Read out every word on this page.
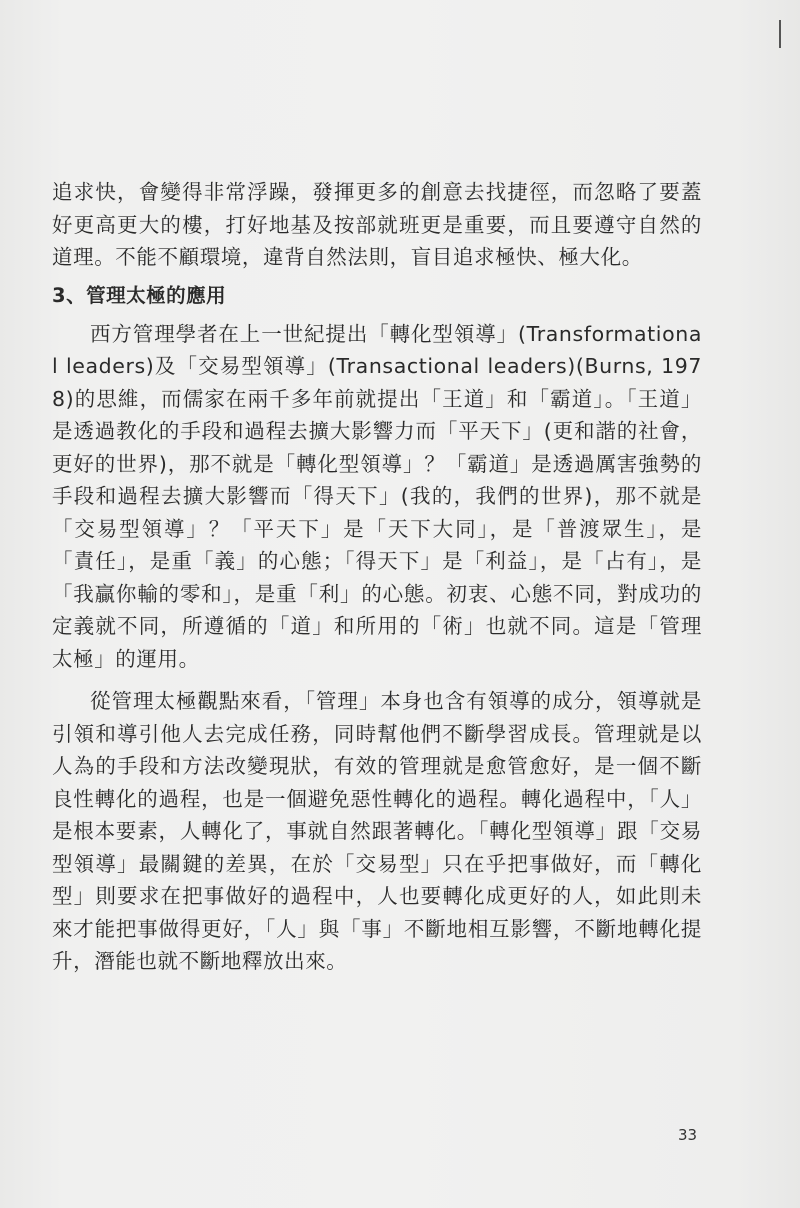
追求快，會變得非常浮躁，發揮更多的創意去找捷徑，而忽略了要蓋好更高更大的樓，打好地基及按部就班更是重要，而且要遵守自然的道理。不能不顧環境，違背自然法則，盲目追求極快、極大化。

3、管理太極的應用

西方管理學者在上一世紀提出「轉化型領導」(Transformational leaders)及「交易型領導」(Transactional leaders)(Burns, 1978)的思維，而儒家在兩千多年前就提出「王道」和「霸道」。「王道」是透過教化的手段和過程去擴大影響力而「平天下」(更和諧的社會，更好的世界)，那不就是「轉化型領導」？「霸道」是透過厲害強勢的手段和過程去擴大影響而「得天下」(我的，我們的世界)，那不就是「交易型領導」？「平天下」是「天下大同」，是「普渡眾生」，是「責任」，是重「義」的心態；「得天下」是「利益」，是「占有」，是「我贏你輸的零和」，是重「利」的心態。初衷、心態不同，對成功的定義就不同，所遵循的「道」和所用的「術」也就不同。這是「管理太極」的運用。

從管理太極觀點來看，「管理」本身也含有領導的成分，領導就是引領和導引他人去完成任務，同時幫他們不斷學習成長。管理就是以人為的手段和方法改變現狀，有效的管理就是愈管愈好，是一個不斷良性轉化的過程，也是一個避免惡性轉化的過程。轉化過程中，「人」是根本要素，人轉化了，事就自然跟著轉化。「轉化型領導」跟「交易型領導」最關鍵的差異，在於「交易型」只在乎把事做好，而「轉化型」則要求在把事做好的過程中，人也要轉化成更好的人，如此則未來才能把事做得更好，「人」與「事」不斷地相互影響，不斷地轉化提升，潛能也就不斷地釋放出來。

33
